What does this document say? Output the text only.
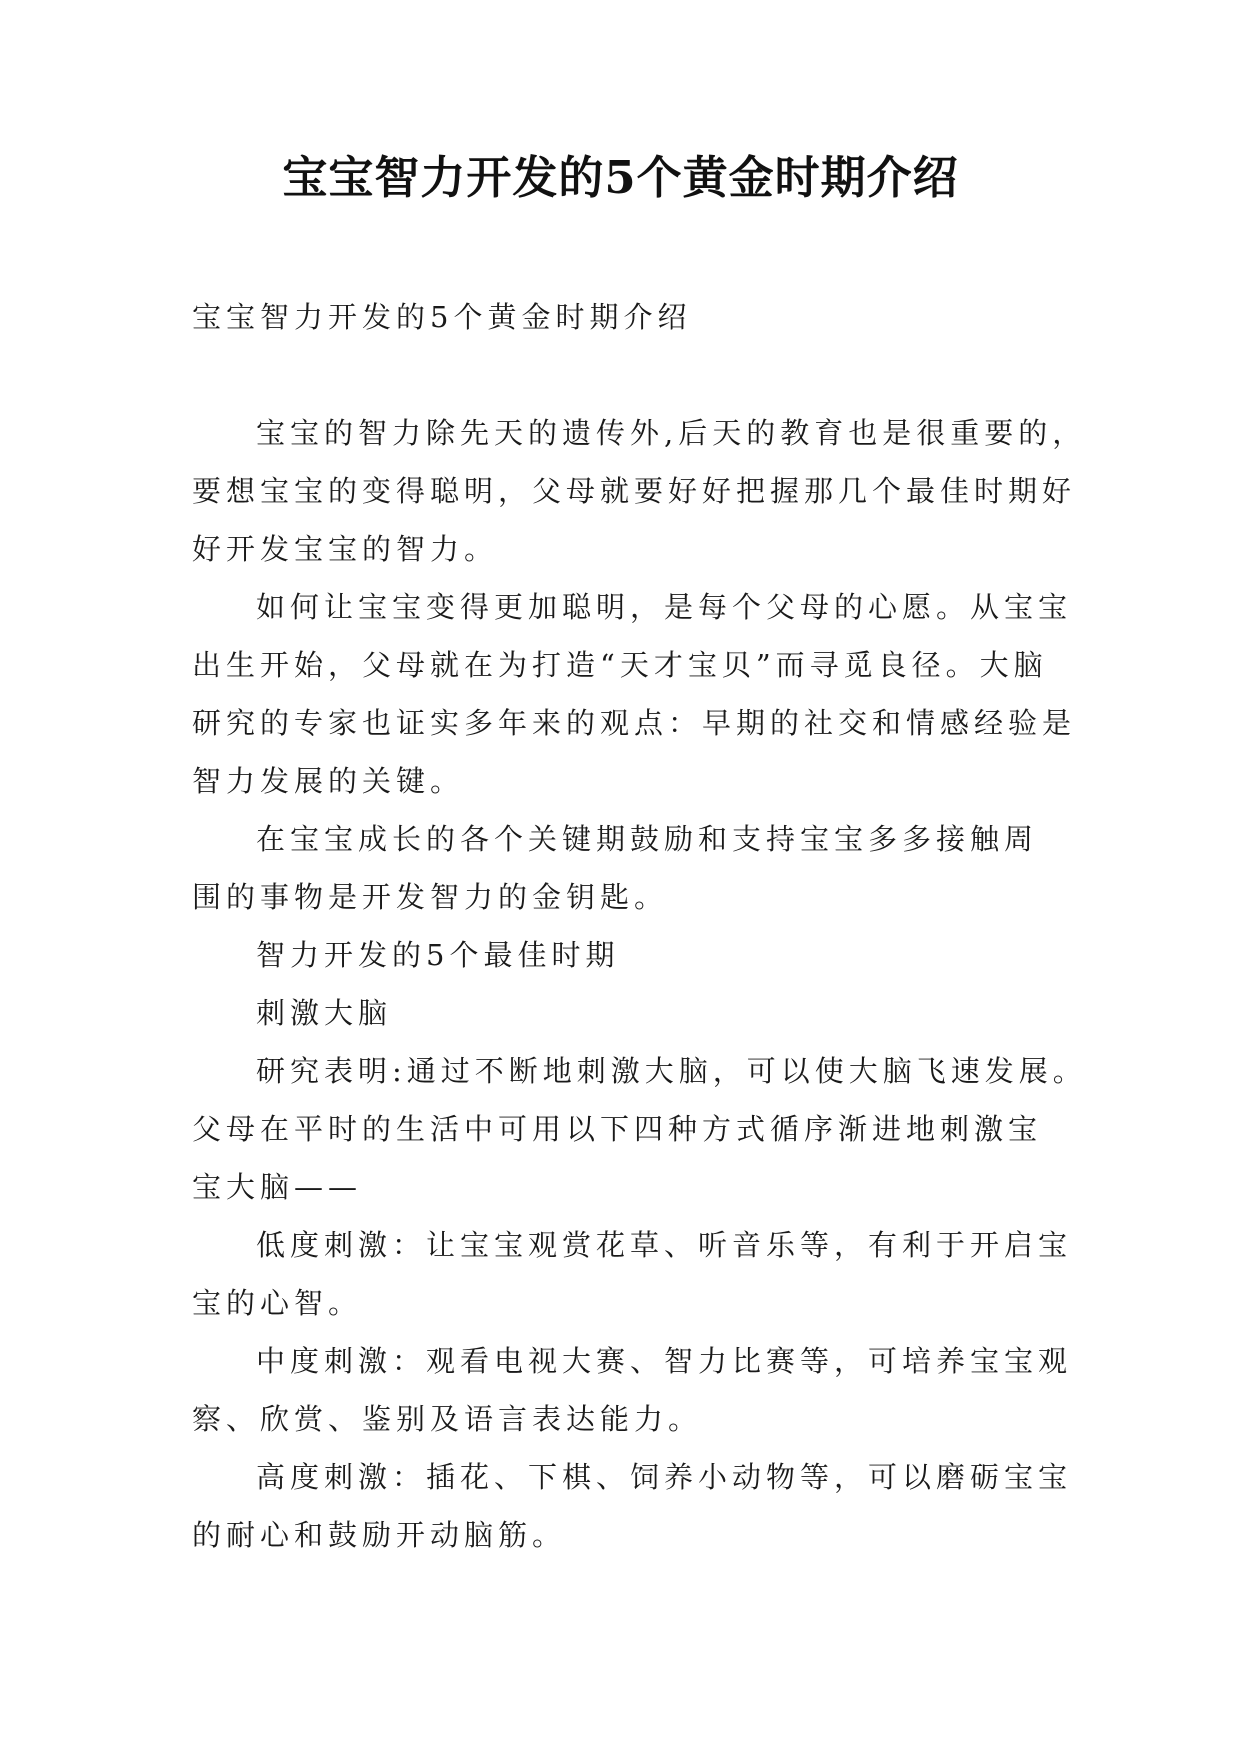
宝宝智力开发的5个黄金时期介绍
宝宝智力开发的5个黄金时期介绍
宝宝的智力除先天的遗传外,后天的教育也是很重要的，
要想宝宝的变得聪明，父母就要好好把握那几个最佳时期好
好开发宝宝的智力。
如何让宝宝变得更加聪明，是每个父母的心愿。从宝宝
出生开始，父母就在为打造“天才宝贝”而寻觅良径。大脑
研究的专家也证实多年来的观点：早期的社交和情感经验是
智力发展的关键。
在宝宝成长的各个关键期鼓励和支持宝宝多多接触周
围的事物是开发智力的金钥匙。
智力开发的5个最佳时期
刺激大脑
研究表明:通过不断地刺激大脑，可以使大脑飞速发展。
父母在平时的生活中可用以下四种方式循序渐进地刺激宝
宝大脑——
低度刺激：让宝宝观赏花草、听音乐等，有利于开启宝
宝的心智。
中度刺激：观看电视大赛、智力比赛等，可培养宝宝观
察、欣赏、鉴别及语言表达能力。
高度刺激：插花、下棋、饲养小动物等，可以磨砺宝宝
的耐心和鼓励开动脑筋。
